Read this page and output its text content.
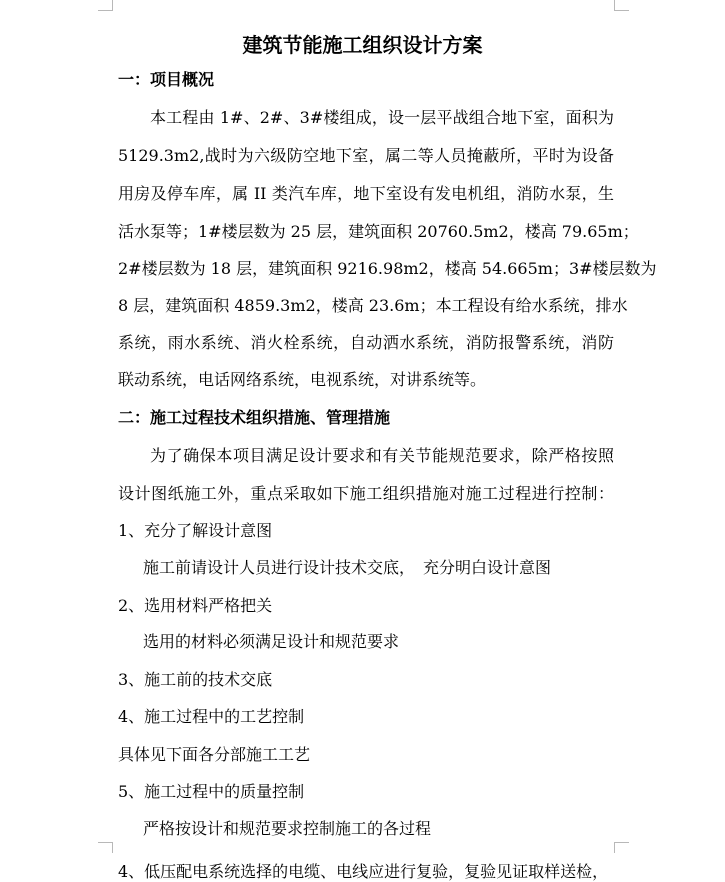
建筑节能施工组织设计方案
一：项目概况
本工程由 1#、2#、3#楼组成，设一层平战组合地下室，面积为
5129.3m2,战时为六级防空地下室，属二等人员掩蔽所，平时为设备
用房及停车库，属 II 类汽车库，地下室设有发电机组，消防水泵，生
活水泵等；1#楼层数为 25 层，建筑面积 20760.5m2，楼高 79.65m；
2#楼层数为 18 层，建筑面积 9216.98m2，楼高 54.665m；3#楼层数为
8 层，建筑面积 4859.3m2，楼高 23.6m；本工程设有给水系统，排水
系统，雨水系统、消火栓系统，自动洒水系统，消防报警系统，消防
联动系统，电话网络系统，电视系统，对讲系统等。
二：施工过程技术组织措施、管理措施
为了确保本项目满足设计要求和有关节能规范要求，除严格按照
设计图纸施工外，重点采取如下施工组织措施对施工过程进行控制：
1、充分了解设计意图
施工前请设计人员进行设计技术交底，　充分明白设计意图
2、选用材料严格把关
选用的材料必须满足设计和规范要求
3、施工前的技术交底
4、施工过程中的工艺控制
具体见下面各分部施工工艺
5、施工过程中的质量控制
严格按设计和规范要求控制施工的各过程
4、低压配电系统选择的电缆、电线应进行复验，复验见证取样送检，
